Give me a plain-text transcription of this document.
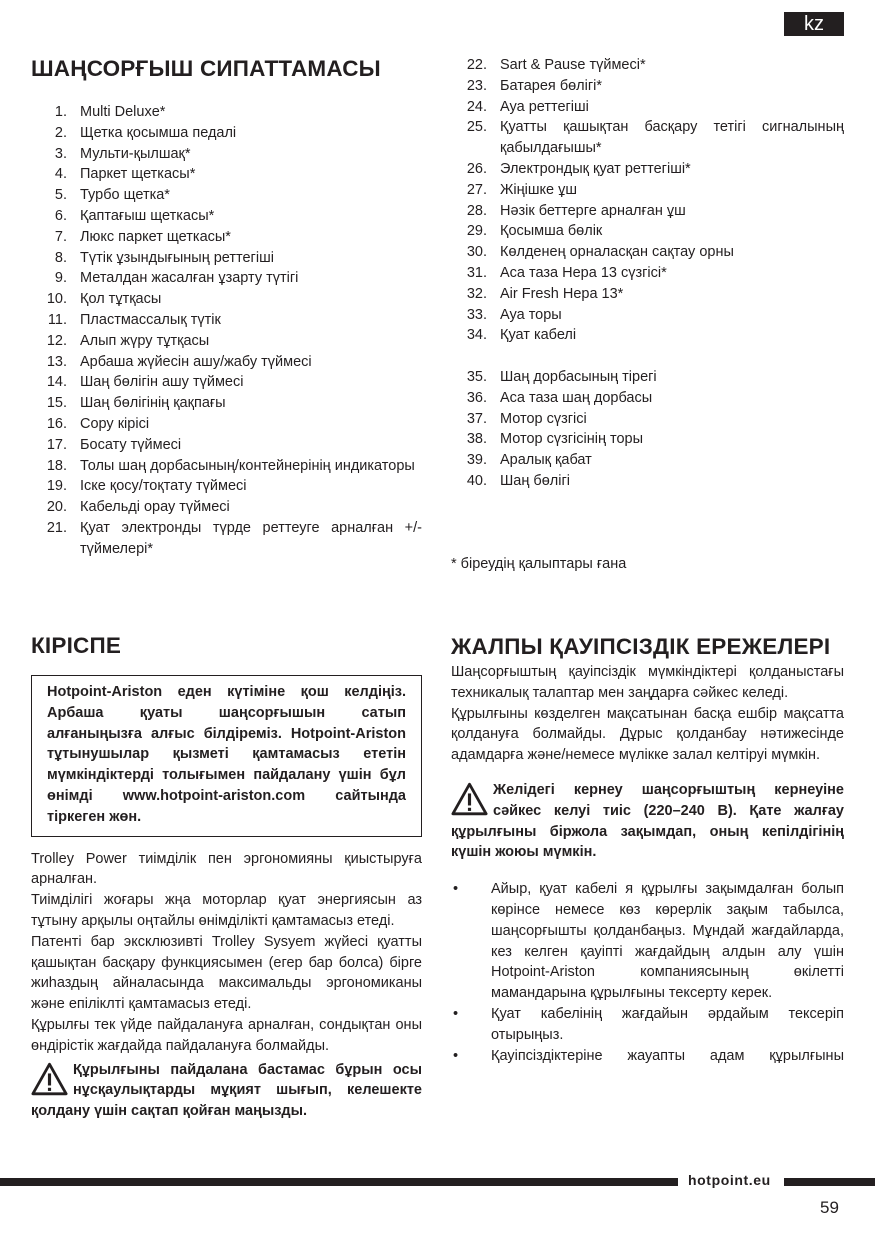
kz
ШАҢСОРҒЫШ СИПАТТАМАСЫ
1. Multi Deluxe*
2. Щетка қосымша педалі
3. Мульти-қылшақ*
4. Паркет щеткасы*
5. Турбо щетка*
6. Қаптағыш щеткасы*
7. Люкс паркет щеткасы*
8. Түтік ұзындығының реттегіші
9. Металдан жасалған ұзарту түтігі
10. Қол тұтқасы
11. Пластмассалық түтік
12. Алып жүру тұтқасы
13. Арбаша жүйесін ашу/жабу түймесі
14. Шаң бөлігін ашу түймесі
15. Шаң бөлігінің қақпағы
16. Сору кірісі
17. Босату түймесі
18. Толы шаң дорбасының/контейнерінің индикаторы
19. Іске қосу/тоқтату түймесі
20. Кабельді орау түймесі
21. Қуат электронды түрде реттеуге арналған +/- түймелері*
22. Sart & Pause түймесі*
23. Батарея бөлігі*
24. Ауа реттегіші
25. Қуатты қашықтан басқару тетігі сигналының қабылдағышы*
26. Электрондық қуат реттегіші*
27. Жіңішке ұш
28. Нәзік беттерге арналған ұш
29. Қосымша бөлік
30. Көлденең орналасқан сақтау орны
31. Аса таза Hepa 13 сүзгісі*
32. Air Fresh Hepa 13*
33. Ауа торы
34. Қуат кабелі
35. Шаң дорбасының тірегі
36. Аса таза шаң дорбасы
37. Мотор сүзгісі
38. Мотор сүзгісінің торы
39. Аралық қабат
40. Шаң бөлігі

* біреудің қалыптары ғана

КІРІСПЕ

Hotpoint-Ariston еден күтіміне қош келдіңіз. Арбаша қуаты шаңсорғышын сатып алғаныңызға алғыс білдіреміз. Hotpoint-Ariston тұтынушылар қызметі қамтамасыз ететін мүмкіндіктерді толығымен пайдалану үшін бұл өнімді www.hotpoint-ariston.com сайтында тіркеген жөн.

Trolley Power тиімділік пен эргономияны қиыстыруға арналған.

Тиімділігі жоғары жңа моторлар қуат энергиясын аз тұтыну арқылы оңтайлы өнімділікті қамтамасыз етеді.

Патенті бар эксклюзивті Trolley Sysyem жүйесі қуатты қашықтан басқару функциясымен (егер бар болса) бірге жиһаздың айналасында максимальды эргономиканы және епіліклті қамтамасыз етеді.

Құрылғы тек үйде пайдалануға арналған, сондықтан оны өндірістік жағдайда пайдалануға болмайды.

Құрылғыны пайдалана бастамас бұрын осы нұсқаулықтарды мұқият шығып, келешекте қолдану үшін сақтап қойған маңызды.

ЖАЛПЫ ҚАУІПСІЗДІК ЕРЕЖЕЛЕРІ

Шаңсорғыштың қауіпсіздік мүмкіндіктері қолданыстағы техникалық талаптар мен заңдарға сәйкес келеді.

Құрылғыны көзделген мақсатынан басқа ешбір мақсатта қолдануға болмайды. Дұрыс қолданбау нәтижесінде адамдарға және/немесе мүлікке залал келтіруі мүмкін.

Желідегі кернеу шаңсорғыштың кернеуіне сәйкес келуі тиіс (220–240 В). Қате жалғау құрылғыны біржола зақымдап, оның кепілдігінің күшін жоюы мүмкін.

•	Айыр, қуат кабелі я құрылғы зақымдалған болып көрінсе немесе көз көрерлік зақым табылса, шаңсорғышты қолданбаңыз. Мұндай жағдайларда, кез келген қауіпті жағдайдың алдын алу үшін Hotpoint-Ariston компаниясының өкілетті мамандарына құрылғыны тексерту керек.
•	Қуат кабелінің жағдайын әрдайым тексеріп отырыңыз.
•	Қауіпсіздіктеріне жауапты адам құрылғыны
hotpoint.eu
59
